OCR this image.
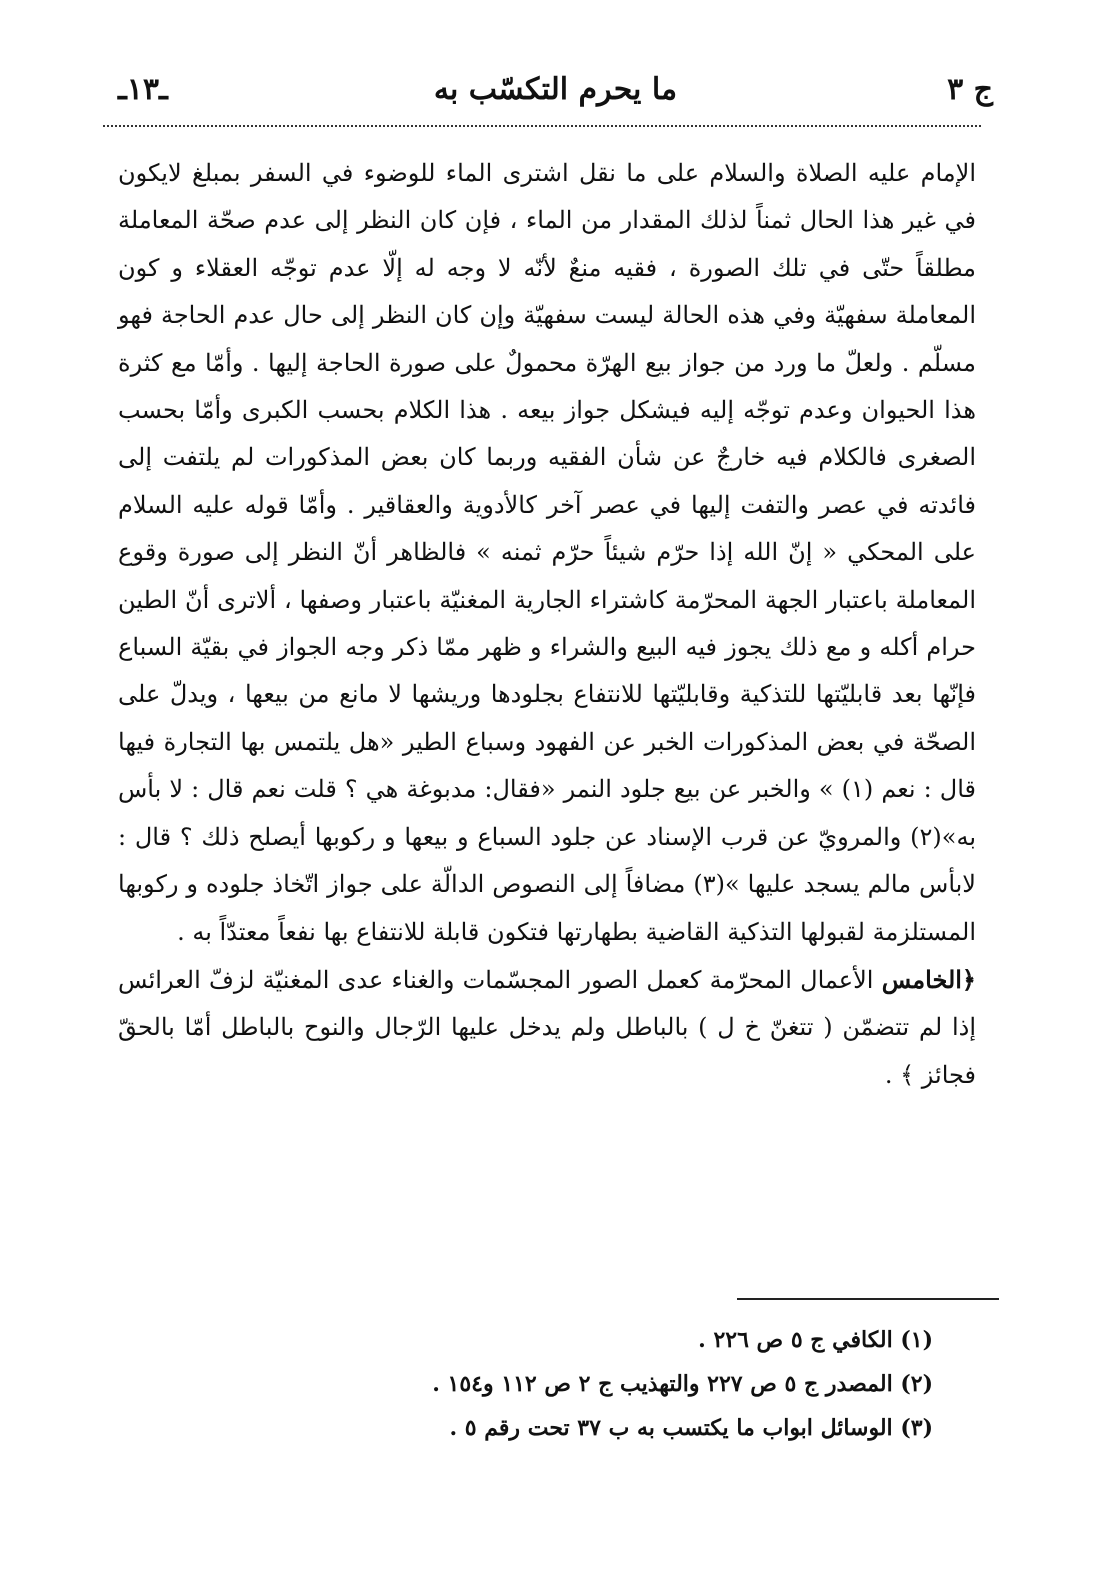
ج ٣
ما يحرم التكسّب به
ـ١٣ـ

الإمام عليه الصلاة والسلام على ما نقل اشترى الماء للوضوء في السفر بمبلغ لايكون في غير هذا الحال ثمناً لذلك المقدار من الماء ، فإن كان النظر إلى عدم صحّة المعاملة مطلقاً حتّى في تلك الصورة ، فقيه منعٌ لأنّه لا وجه له إلّا عدم توجّه العقلاء و كون المعاملة سفهيّة وفي هذه الحالة ليست سفهيّة وإن كان النظر إلى حال عدم الحاجة فهو مسلّم . ولعلّ ما ورد من جواز بيع الهرّة محمولٌ على صورة الحاجة إليها . وأمّا مع كثرة هذا الحيوان وعدم توجّه إليه فيشكل جواز بيعه . هذا الكلام بحسب الكبرى وأمّا بحسب الصغرى فالكلام فيه خارجٌ عن شأن الفقيه وربما كان بعض المذكورات لم يلتفت إلى فائدته في عصر والتفت إليها في عصر آخر كالأدوية والعقاقير . وأمّا قوله عليه السلام على المحكي « إنّ الله إذا حرّم شيئاً حرّم ثمنه » فالظاهر أنّ النظر إلى صورة وقوع المعاملة باعتبار الجهة المحرّمة كاشتراء الجارية المغنيّة باعتبار وصفها ، ألاترى أنّ الطين حرام أكله و مع ذلك يجوز فيه البيع والشراء و ظهر ممّا ذكر وجه الجواز في بقيّة السباع فإنّها بعد قابليّتها للتذكية وقابليّتها للانتفاع بجلودها وريشها لا مانع من بيعها ، ويدلّ على الصحّة في بعض المذكورات الخبر عن الفهود وسباع الطير «هل يلتمس بها التجارة فيها قال : نعم (١) » والخبر عن بيع جلود النمر «فقال: مدبوغة هي ؟ قلت نعم قال : لا بأس به»(٢) والمرويّ عن قرب الإسناد عن جلود السباع و بيعها و ركوبها أيصلح ذلك ؟ قال : لابأس مالم يسجد عليها »(٣) مضافاً إلى النصوص الدالّة على جواز اتّخاذ جلوده و ركوبها المستلزمة لقبولها التذكية القاضية بطهارتها فتكون قابلة للانتفاع بها نفعاً معتدّاً به .

﴿الخامس الأعمال المحرّمة كعمل الصور المجسّمات والغناء عدى المغنيّة لزفّ العرائس إذا لم تتضمّن ( تتغنّ خ ل ) بالباطل ولم يدخل عليها الرّجال والنوح بالباطل أمّا بالحقّ فجائز ﴾ .

(١) الكافي ج ٥ ص ٢٢٦ .

(٢) المصدر ج ٥ ص ٢٢٧ والتهذيب ج ٢ ص ١١٢ و١٥٤ .

(٣) الوسائل ابواب ما يكتسب به ب ٣٧ تحت رقم ٥ .
